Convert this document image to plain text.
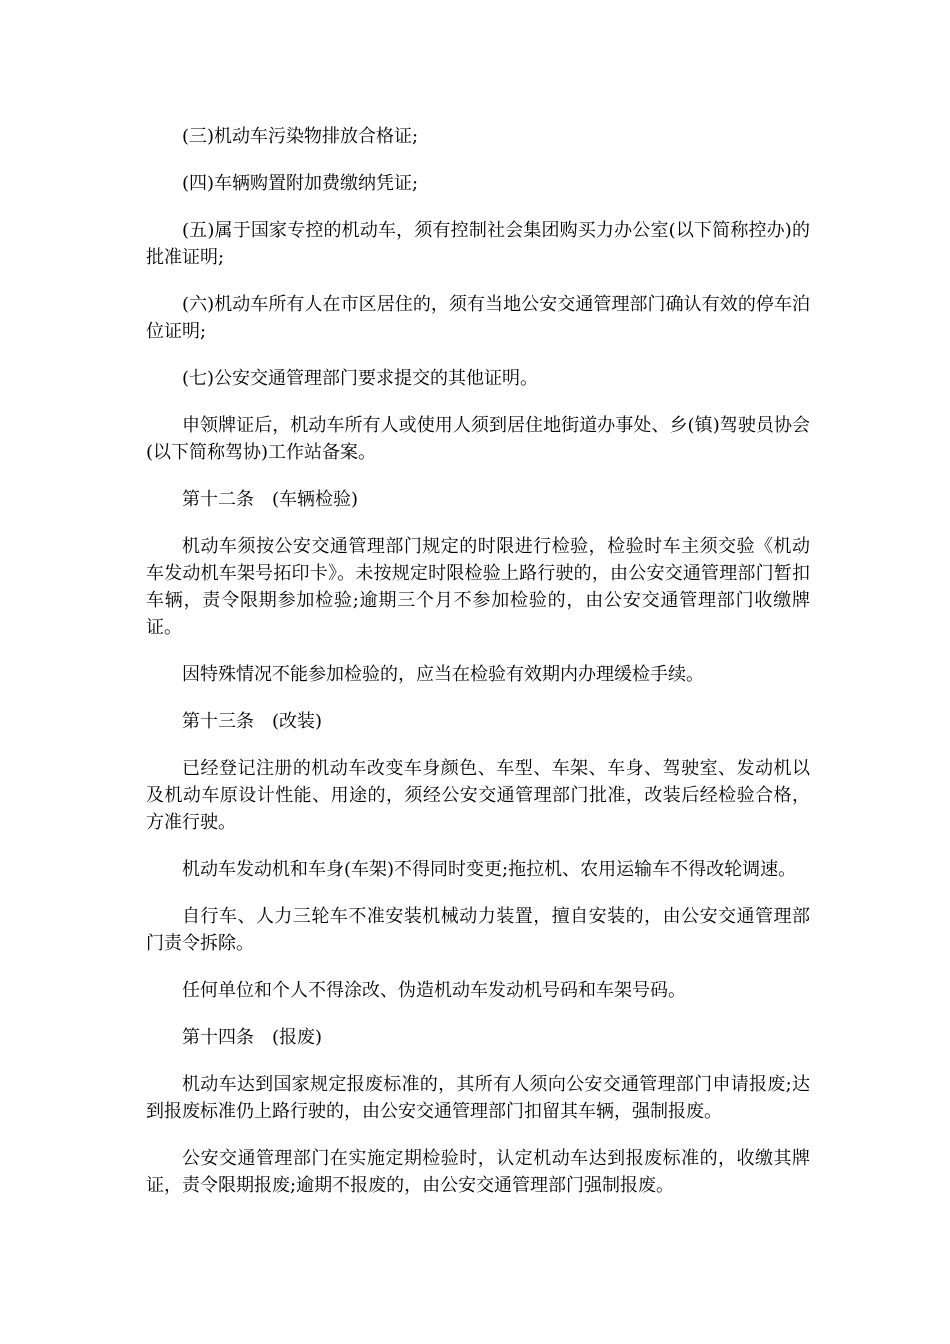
(三)机动车污染物排放合格证;

(四)车辆购置附加费缴纳凭证;

(五)属于国家专控的机动车，须有控制社会集团购买力办公室(以下简称控办)的批准证明;

(六)机动车所有人在市区居住的，须有当地公安交通管理部门确认有效的停车泊位证明;

(七)公安交通管理部门要求提交的其他证明。

申领牌证后，机动车所有人或使用人须到居住地街道办事处、乡(镇)驾驶员协会(以下简称驾协)工作站备案。

第十二条　(车辆检验)

机动车须按公安交通管理部门规定的时限进行检验，检验时车主须交验《机动车发动机车架号拓印卡》。未按规定时限检验上路行驶的，由公安交通管理部门暂扣车辆，责令限期参加检验;逾期三个月不参加检验的，由公安交通管理部门收缴牌证。

因特殊情况不能参加检验的，应当在检验有效期内办理缓检手续。

第十三条　(改装)

已经登记注册的机动车改变车身颜色、车型、车架、车身、驾驶室、发动机以及机动车原设计性能、用途的，须经公安交通管理部门批准，改装后经检验合格，方准行驶。

机动车发动机和车身(车架)不得同时变更;拖拉机、农用运输车不得改轮调速。

自行车、人力三轮车不准安装机械动力装置，擅自安装的，由公安交通管理部门责令拆除。

任何单位和个人不得涂改、伪造机动车发动机号码和车架号码。

第十四条　(报废)

机动车达到国家规定报废标准的，其所有人须向公安交通管理部门申请报废;达到报废标准仍上路行驶的，由公安交通管理部门扣留其车辆，强制报废。

公安交通管理部门在实施定期检验时，认定机动车达到报废标准的，收缴其牌证，责令限期报废;逾期不报废的，由公安交通管理部门强制报废。
